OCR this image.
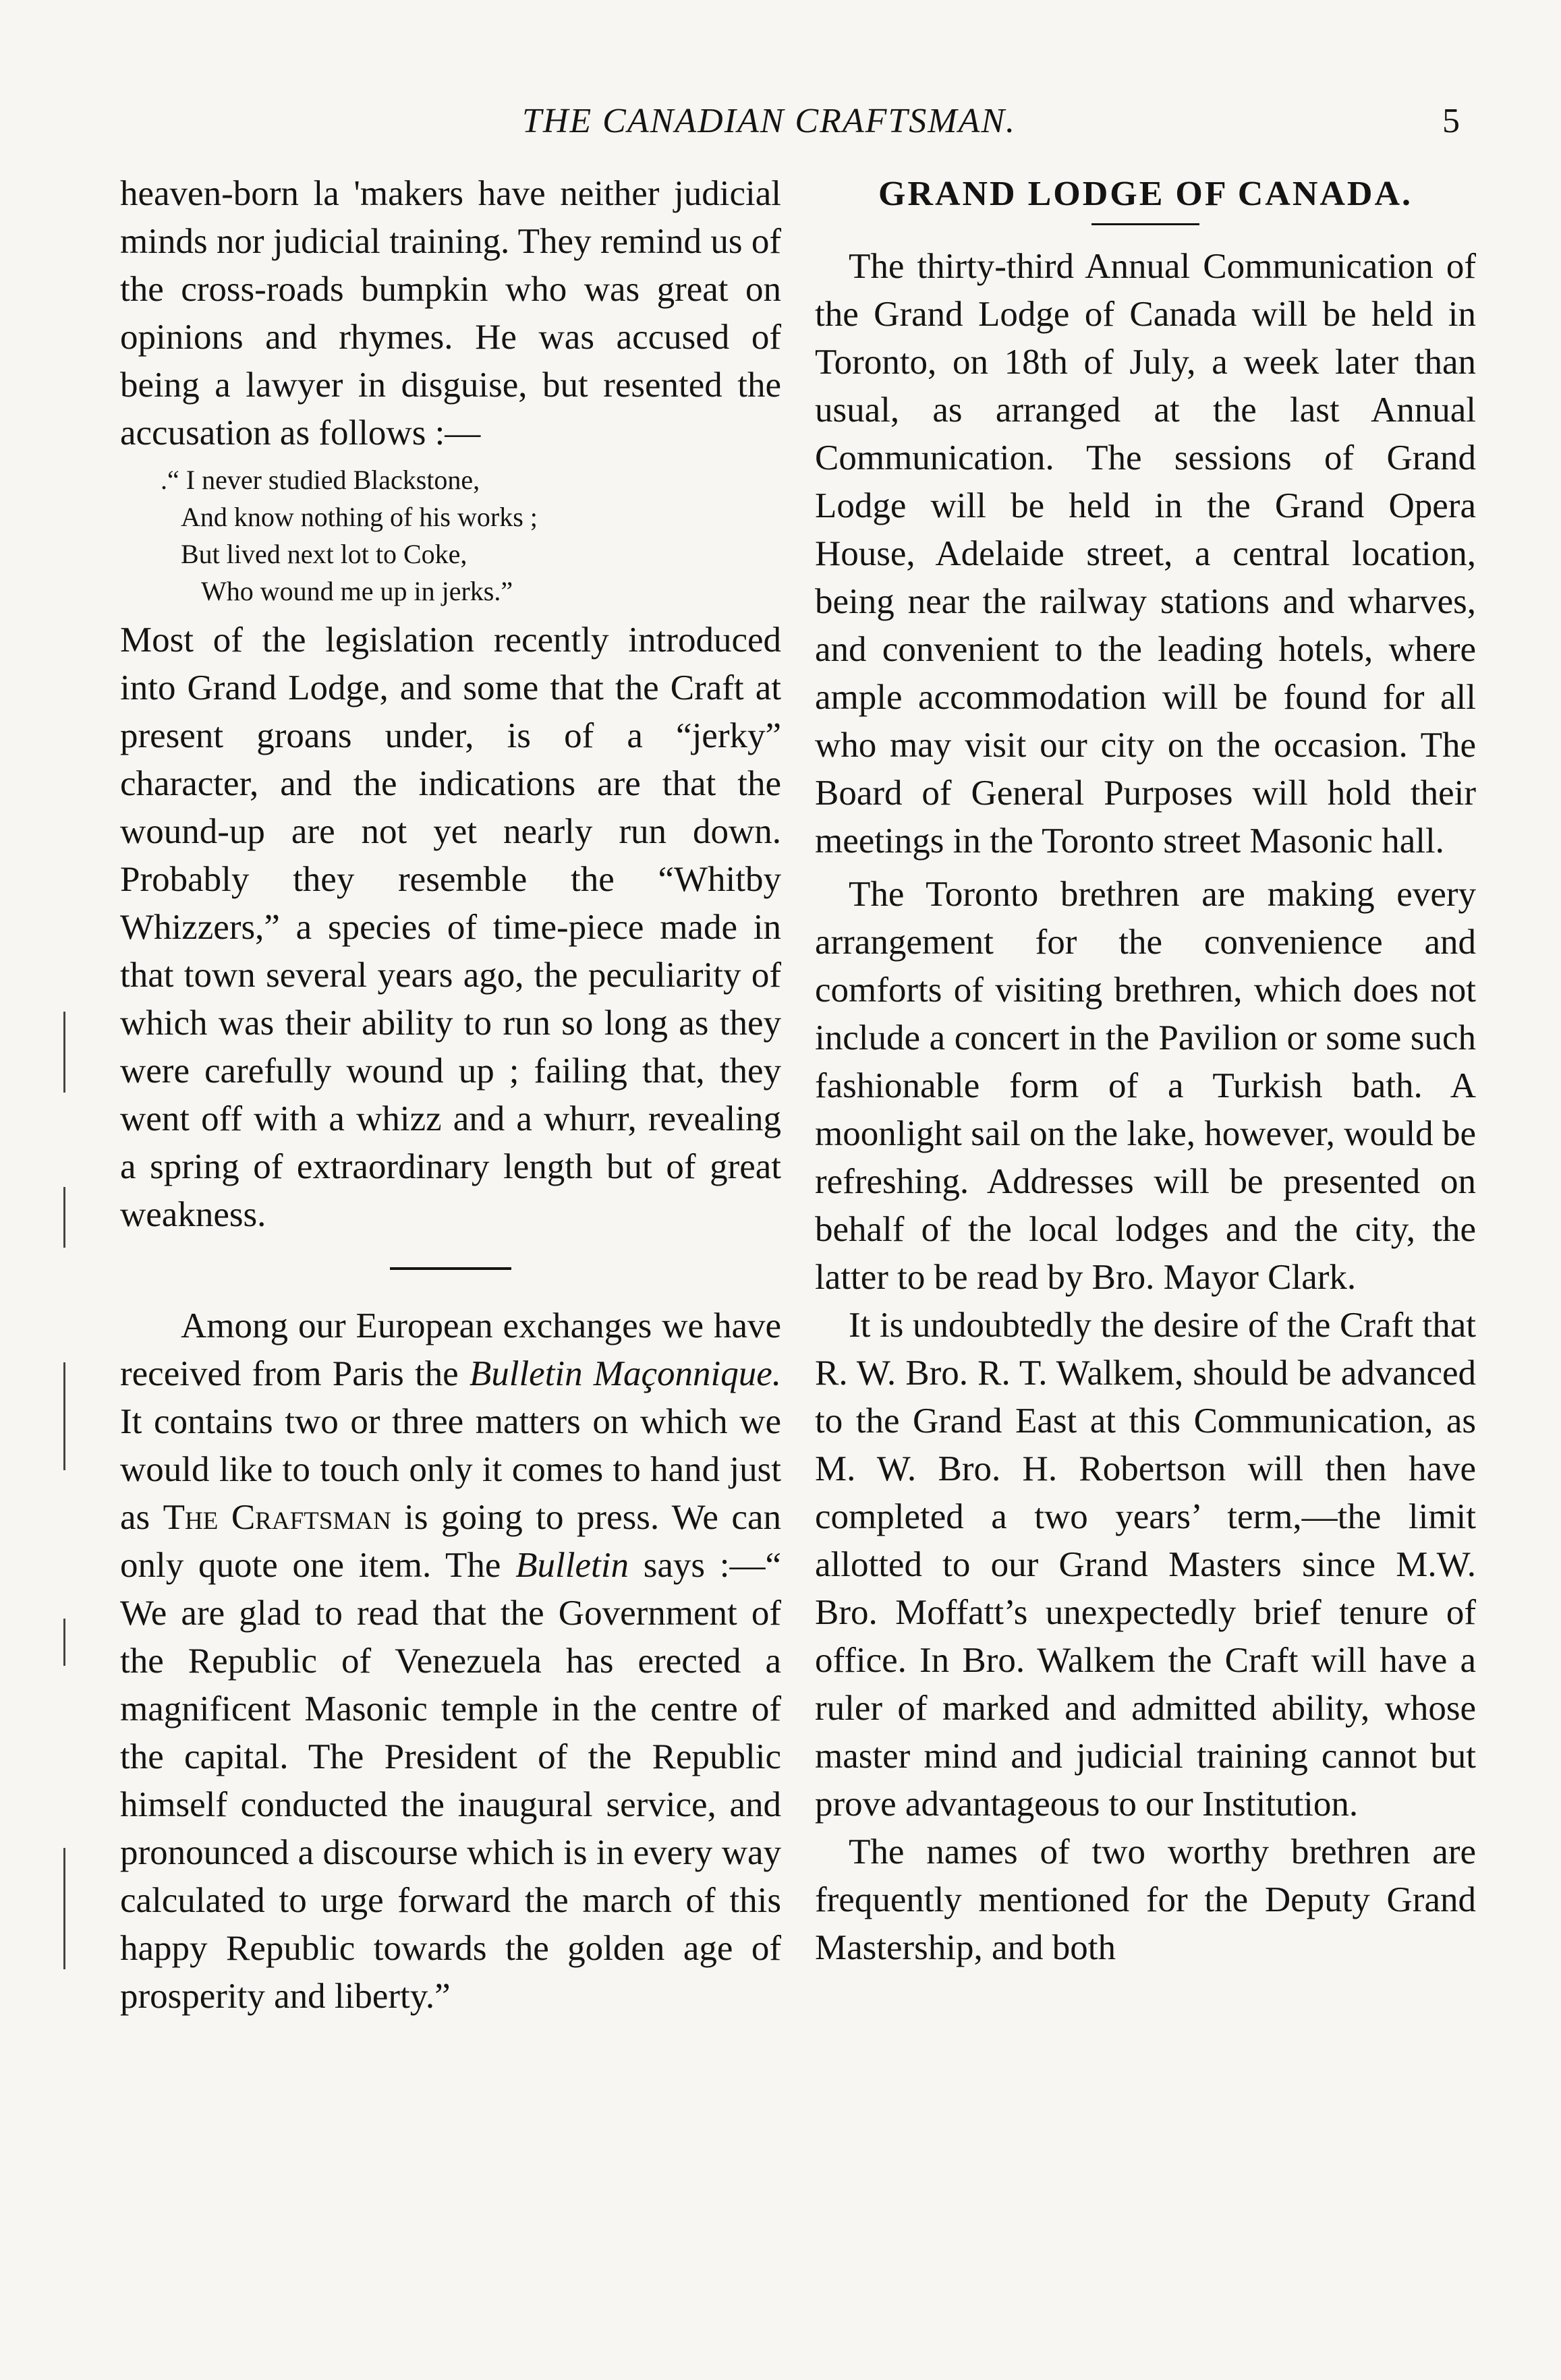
THE CANADIAN CRAFTSMAN.	5

heaven-born la 'makers have neither judicial minds nor judicial training. They remind us of the cross-roads bumpkin who was great on opinions and rhymes. He was accused of being a lawyer in disguise, but resented the accusation as follows :—

.“ I never studied Blackstone,
And know nothing of his works ;
But lived next lot to Coke,
Who wound me up in jerks.”

Most of the legislation recently introduced into Grand Lodge, and some that the Craft at present groans under, is of a “jerky” character, and the indications are that the wound-up are not yet nearly run down. Probably they resemble the “Whitby Whizzers,” a species of time-piece made in that town several years ago, the peculiarity of which was their ability to run so long as they were carefully wound up ; failing that, they went off with a whizz and a whurr, revealing a spring of extraordinary length but of great weakness.

Among our European exchanges we have received from Paris the Bulletin Maçonnique. It contains two or three matters on which we would like to touch only it comes to hand just as The Craftsman is going to press. We can only quote one item. The Bulletin says :—“ We are glad to read that the Government of the Republic of Venezuela has erected a magnificent Masonic temple in the centre of the capital. The President of the Republic himself conducted the inaugural service, and pronounced a discourse which is in every way calculated to urge forward the march of this happy Republic towards the golden age of prosperity and liberty.”

GRAND LODGE OF CANADA.

The thirty-third Annual Communication of the Grand Lodge of Canada will be held in Toronto, on 18th of July, a week later than usual, as arranged at the last Annual Communication. The sessions of Grand Lodge will be held in the Grand Opera House, Adelaide street, a central location, being near the railway stations and wharves, and convenient to the leading hotels, where ample accommodation will be found for all who may visit our city on the occasion. The Board of General Purposes will hold their meetings in the Toronto street Masonic hall.

The Toronto brethren are making every arrangement for the convenience and comforts of visiting brethren, which does not include a concert in the Pavilion or some such fashionable form of a Turkish bath. A moonlight sail on the lake, however, would be refreshing. Addresses will be presented on behalf of the local lodges and the city, the latter to be read by Bro. Mayor Clark.

It is undoubtedly the desire of the Craft that R. W. Bro. R. T. Walkem, should be advanced to the Grand East at this Communication, as M. W. Bro. H. Robertson will then have completed a two years’ term,—the limit allotted to our Grand Masters since M.W. Bro. Moffatt’s unexpectedly brief tenure of office. In Bro. Walkem the Craft will have a ruler of marked and admitted ability, whose master mind and judicial training cannot but prove advantageous to our Institution.

The names of two worthy brethren are frequently mentioned for the Deputy Grand Mastership, and both
